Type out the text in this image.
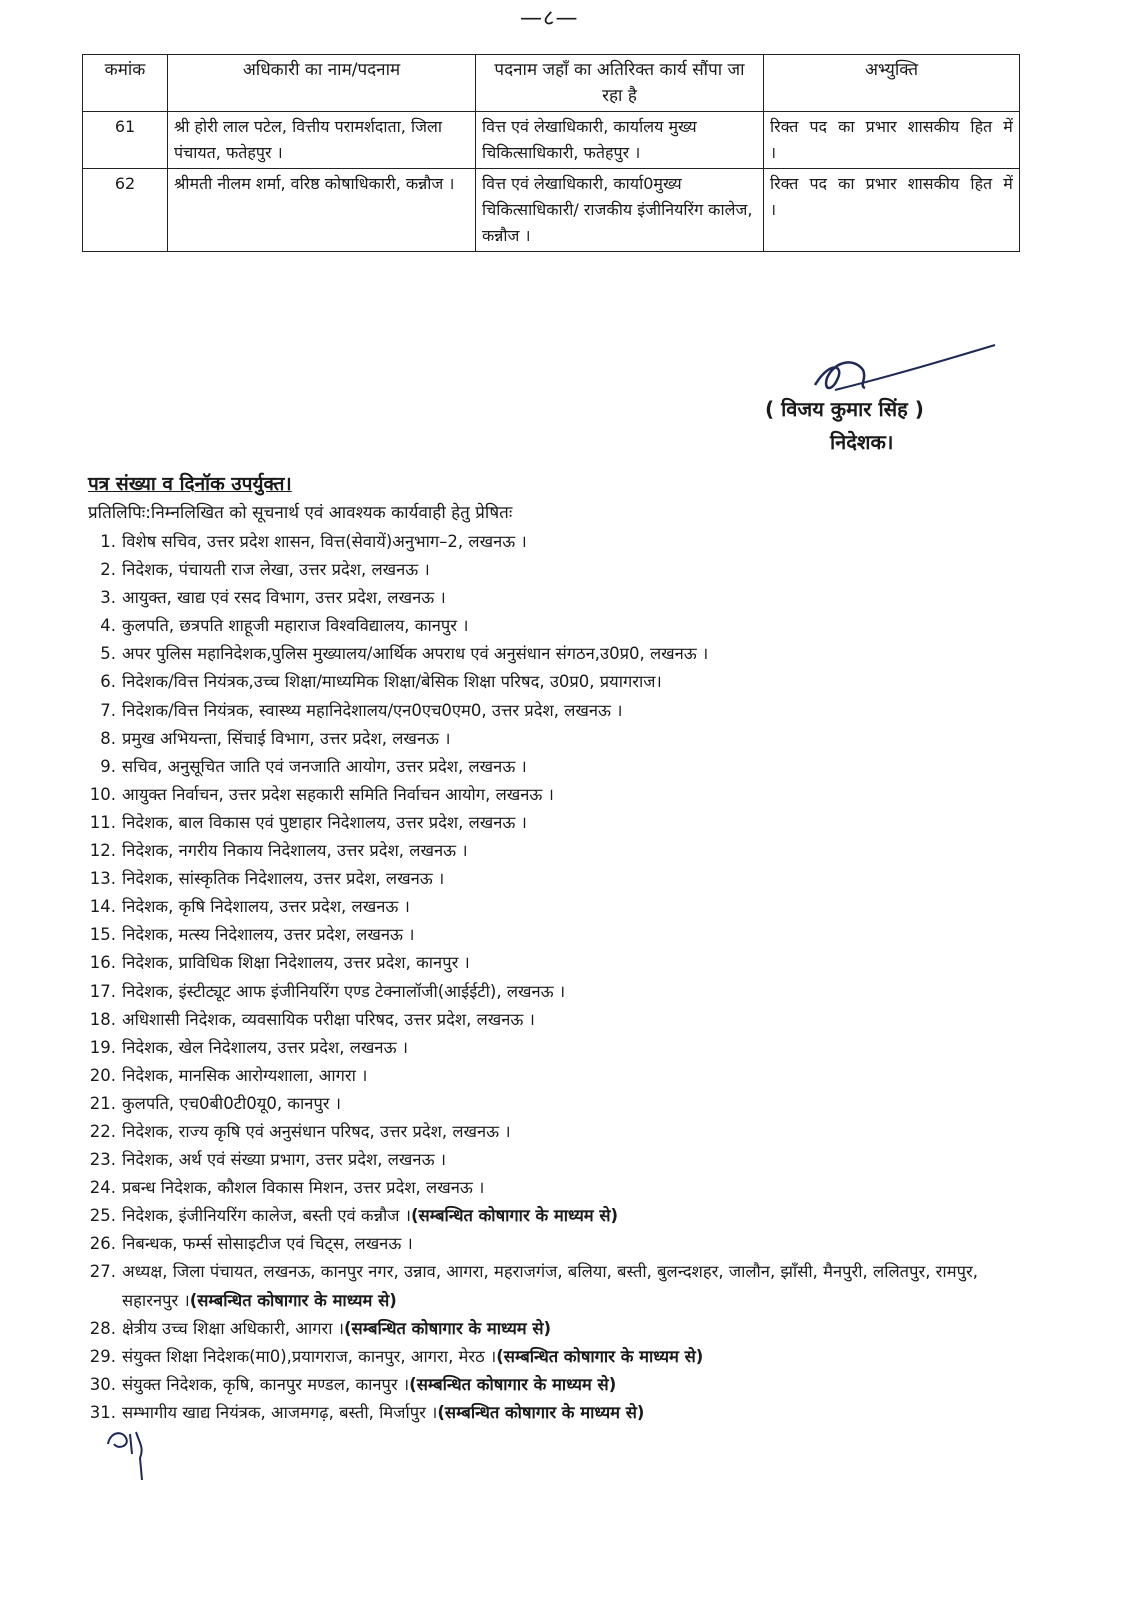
—८—
कमांक	अधिकारी का नाम/पदनाम	पदनाम जहाँ का अतिरिक्त कार्य सौंपा जा रहा है	अभ्युक्ति
61	श्री होरी लाल पटेल, वित्तीय परामर्शदाता, जिला पंचायत, फतेहपुर ।	वित्त एवं लेखाधिकारी, कार्यालय मुख्य चिकित्साधिकारी, फतेहपुर ।	रिक्त पद का प्रभार शासकीय हित में ।
62	श्रीमती नीलम शर्मा, वरिष्ठ कोषाधिकारी, कन्नौज ।	वित्त एवं लेखाधिकारी, कार्या0मुख्य चिकित्साधिकारी/ राजकीय इंजीनियरिंग कालेज, कन्नौज ।	रिक्त पद का प्रभार शासकीय हित में ।
( विजय कुमार सिंह )
निदेशक।
पत्र संख्या व दिनॉक उपर्युक्त।
प्रतिलिपिः:निम्नलिखित को सूचनार्थ एवं आवश्यक कार्यवाही हेतु प्रेषितः
1. विशेष सचिव, उत्तर प्रदेश शासन, वित्त(सेवायें)अनुभाग–2, लखनऊ ।
2. निदेशक, पंचायती राज लेखा, उत्तर प्रदेश, लखनऊ ।
3. आयुक्त, खाद्य एवं रसद विभाग, उत्तर प्रदेश, लखनऊ ।
4. कुलपति, छत्रपति शाहूजी महाराज विश्वविद्यालय, कानपुर ।
5. अपर पुलिस महानिदेशक,पुलिस मुख्यालय/आर्थिक अपराध एवं अनुसंधान संगठन,उ0प्र0, लखनऊ ।
6. निदेशक/वित्त नियंत्रक,उच्च शिक्षा/माध्यमिक शिक्षा/बेसिक शिक्षा परिषद, उ0प्र0, प्रयागराज।
7. निदेशक/वित्त नियंत्रक, स्वास्थ्य महानिदेशालय/एन0एच0एम0, उत्तर प्रदेश, लखनऊ ।
8. प्रमुख अभियन्ता, सिंचाई विभाग, उत्तर प्रदेश, लखनऊ ।
9. सचिव, अनुसूचित जाति एवं जनजाति आयोग, उत्तर प्रदेश, लखनऊ ।
10. आयुक्त निर्वाचन, उत्तर प्रदेश सहकारी समिति निर्वाचन आयोग, लखनऊ ।
11. निदेशक, बाल विकास एवं पुष्टाहार निदेशालय, उत्तर प्रदेश, लखनऊ ।
12. निदेशक, नगरीय निकाय निदेशालय, उत्तर प्रदेश, लखनऊ ।
13. निदेशक, सांस्कृतिक निदेशालय, उत्तर प्रदेश, लखनऊ ।
14. निदेशक, कृषि निदेशालय, उत्तर प्रदेश, लखनऊ ।
15. निदेशक, मत्स्य निदेशालय, उत्तर प्रदेश, लखनऊ ।
16. निदेशक, प्राविधिक शिक्षा निदेशालय, उत्तर प्रदेश, कानपुर ।
17. निदेशक, इंस्टीट्यूट आफ इंजीनियरिंग एण्ड टेक्नालॉजी(आईईटी), लखनऊ ।
18. अधिशासी निदेशक, व्यवसायिक परीक्षा परिषद, उत्तर प्रदेश, लखनऊ ।
19. निदेशक, खेल निदेशालय, उत्तर प्रदेश, लखनऊ ।
20. निदेशक, मानसिक आरोग्यशाला, आगरा ।
21. कुलपति, एच0बी0टी0यू0, कानपुर ।
22. निदेशक, राज्य कृषि एवं अनुसंधान परिषद, उत्तर प्रदेश, लखनऊ ।
23. निदेशक, अर्थ एवं संख्या प्रभाग, उत्तर प्रदेश, लखनऊ ।
24. प्रबन्ध निदेशक, कौशल विकास मिशन, उत्तर प्रदेश, लखनऊ ।
25. निदेशक, इंजीनियरिंग कालेज, बस्ती एवं कन्नौज ।(सम्बन्धित कोषागार के माध्यम से)
26. निबन्धक, फर्म्स सोसाइटीज एवं चिट्स, लखनऊ ।
27. अध्यक्ष, जिला पंचायत, लखनऊ, कानपुर नगर, उन्नाव, आगरा, महराजगंज, बलिया, बस्ती, बुलन्दशहर, जालौन, झाँसी, मैनपुरी, ललितपुर, रामपुर, सहारनपुर ।(सम्बन्धित कोषागार के माध्यम से)
28. क्षेत्रीय उच्च शिक्षा अधिकारी, आगरा ।(सम्बन्धित कोषागार के माध्यम से)
29. संयुक्त शिक्षा निदेशक(मा0),प्रयागराज, कानपुर, आगरा, मेरठ ।(सम्बन्धित कोषागार के माध्यम से)
30. संयुक्त निदेशक, कृषि, कानपुर मण्डल, कानपुर ।(सम्बन्धित कोषागार के माध्यम से)
31. सम्भागीय खाद्य नियंत्रक, आजमगढ़, बस्ती, मिर्जापुर ।(सम्बन्धित कोषागार के माध्यम से)
